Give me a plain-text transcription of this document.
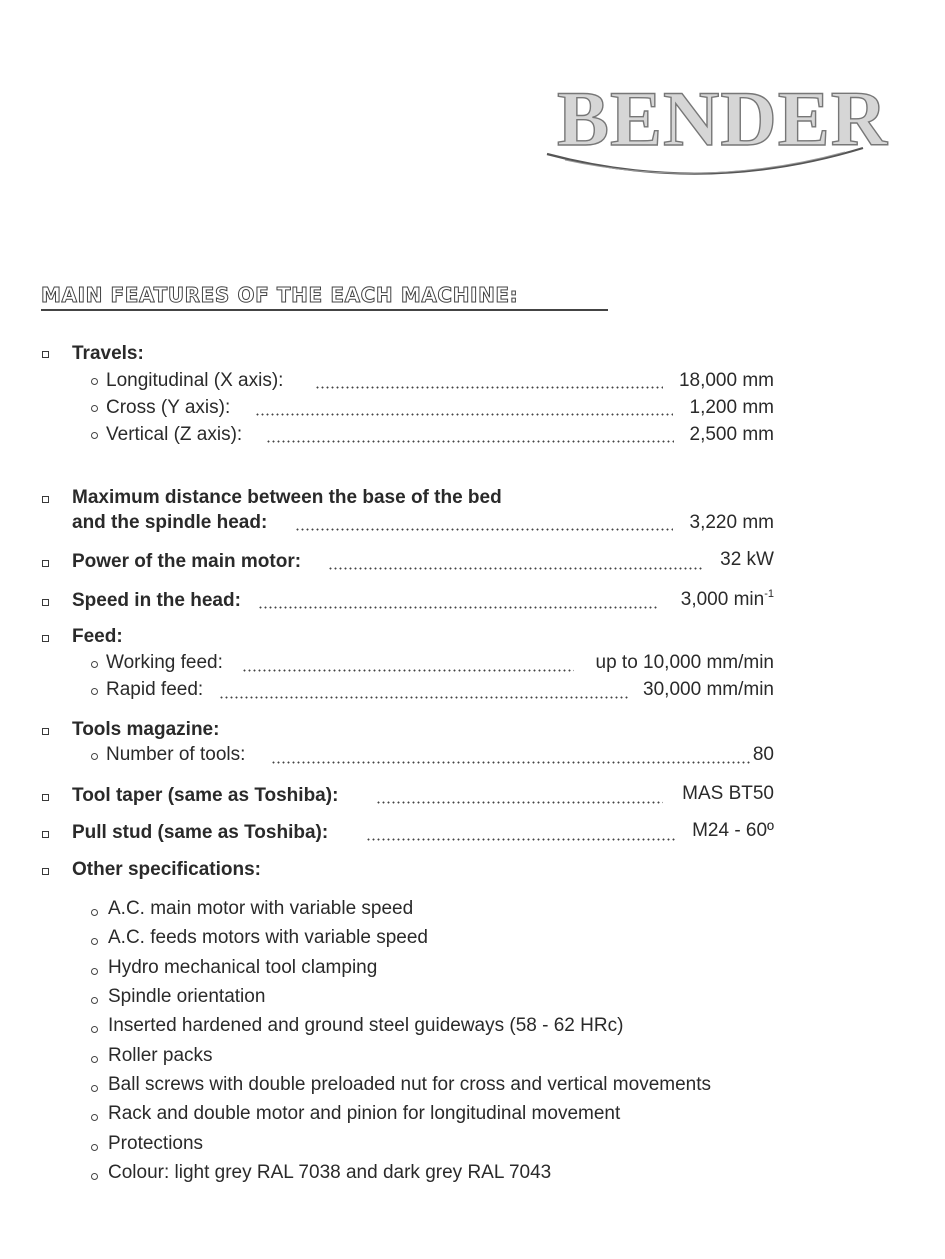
BENDER
MAIN FEATURES OF THE EACH MACHINE:
Travels:
Longitudinal (X axis):	18,000 mm
Cross (Y axis):	1,200 mm
Vertical (Z axis):	2,500 mm
Maximum distance between the base of the bed
and the spindle head:	3,220 mm
Power of the main motor:	32 kW
Speed in the head:	3,000 $\min^{-1}$
Feed:
Working feed:	up to 10,000 mm/min
Rapid feed:	30,000 mm/min
Tools magazine:
Number of tools:	80
Tool taper (same as Toshiba):	MAS BT50
Pull stud (same as Toshiba):	M24 - 60º
Other specifications:
A.C. main motor with variable speed
A.C. feeds motors with variable speed
Hydro mechanical tool clamping
Spindle orientation
Inserted hardened and ground steel guideways (58 - 62 HRc)
Roller packs
Ball screws with double preloaded nut for cross and vertical movements
Rack and double motor and pinion for longitudinal movement
Protections
Colour: light grey RAL 7038 and dark grey RAL 7043
